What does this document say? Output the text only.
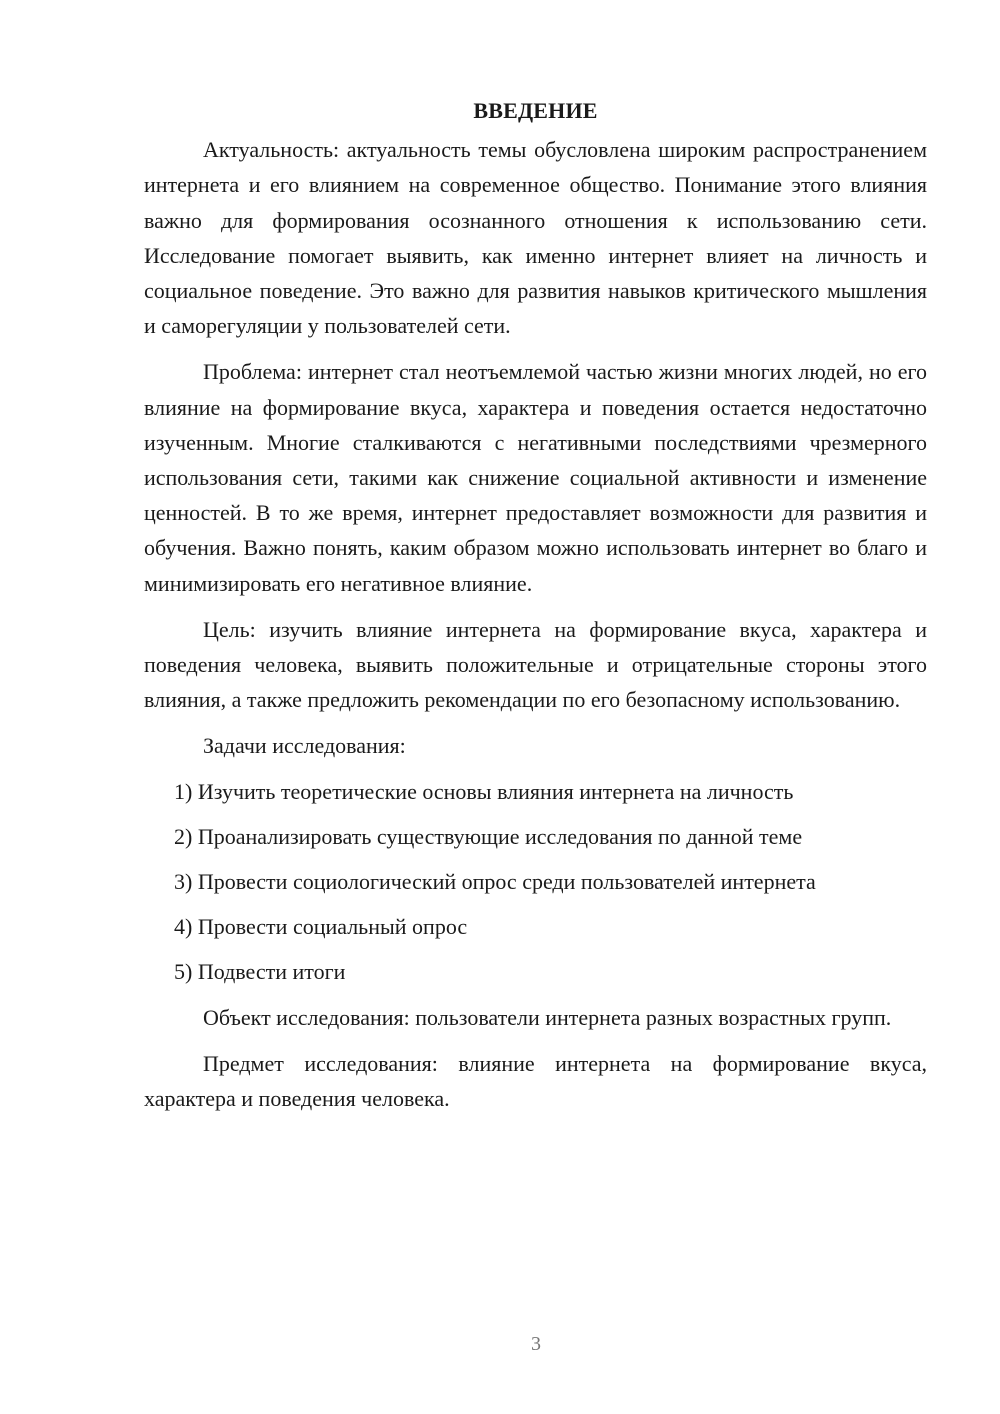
ВВЕДЕНИЕ

Актуальность: актуальность темы обусловлена широким распространением интернета и его влиянием на современное общество. Понимание этого влияния важно для формирования осознанного отношения к использованию сети. Исследование помогает выявить, как именно интернет влияет на личность и социальное поведение. Это важно для развития навыков критического мышления и саморегуляции у пользователей сети.

Проблема: интернет стал неотъемлемой частью жизни многих людей, но его влияние на формирование вкуса, характера и поведения остается недостаточно изученным. Многие сталкиваются с негативными последствиями чрезмерного использования сети, такими как снижение социальной активности и изменение ценностей. В то же время, интернет предоставляет возможности для развития и обучения. Важно понять, каким образом можно использовать интернет во благо и минимизировать его негативное влияние.

Цель: изучить влияние интернета на формирование вкуса, характера и поведения человека, выявить положительные и отрицательные стороны этого влияния, а также предложить рекомендации по его безопасному использованию.

Задачи исследования:
1) Изучить теоретические основы влияния интернета на личность
2) Проанализировать существующие исследования по данной теме
3) Провести социологический опрос среди пользователей интернета
4) Провести социальный опрос
5) Подвести итоги

Объект исследования: пользователи интернета разных возрастных групп.

Предмет исследования: влияние интернета на формирование вкуса, характера и поведения человека.

3
